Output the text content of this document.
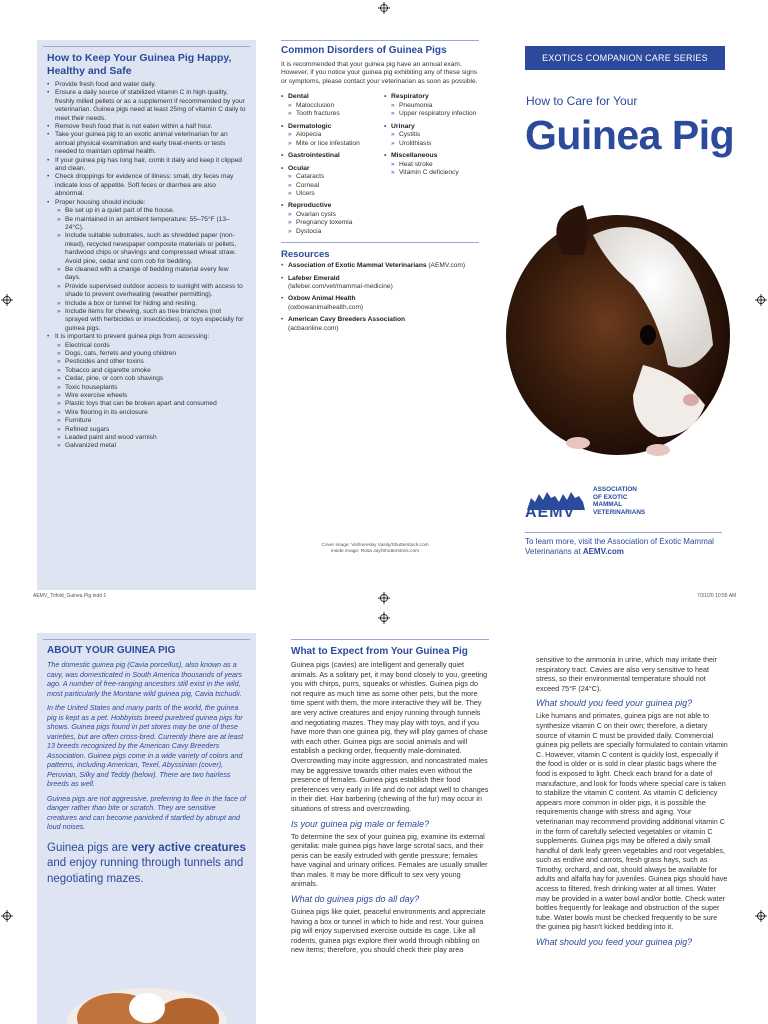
AEMV_Trifold_Guinea Pig.indd 1	7/31/20 10:55 AM
How to Keep Your Guinea Pig Happy, Healthy and Safe
• Provide fresh food and water daily.
• Ensure a daily source of stabilized vitamin C in high quality, freshly milled pellets or as a supplement if recommended by your veterinarian. Guinea pigs need at least 25mg of vitamin C daily to meet their needs.
• Remove fresh food that is not eaten within a half hour.
• Take your guinea pig to an exotic animal veterinarian for an annual physical examination and early treat-ments or tests needed to maintain optimal health.
• If your guinea pig has long hair, comb it daily and keep it clipped and clean.
• Check droppings for evidence of illness: small, dry feces may indicate loss of appetite. Soft feces or diarrhea are also abnormal.
• Proper housing should include:
» Be set up in a quiet part of the house.
» Be maintained in an ambient temperature: 55–75°F (13–24°C).
» Include suitable substrates, such as shredded paper (non-inked), recycled newspaper composite materials or pellets, hardwood chips or shavings and compressed wheat straw. Avoid pine, cedar and corn cob for bedding.
» Be cleaned with a change of bedding material every few days.
» Provide supervised outdoor access to sunlight with access to shade to prevent overheating (weather permitting).
» Include a box or tunnel for hiding and resting.
» Include items for chewing, such as tree branches (not sprayed with herbicides or insecticides), or toys especially for guinea pigs.
• It is important to prevent guinea pigs from accessing:
» Electrical cords
» Dogs, cats, ferrets and young children
» Pesticides and other toxins
» Tobacco and cigarette smoke
» Cedar, pine, or corn cob shavings
» Toxic houseplants
» Wire exercise wheels
» Plastic toys that can be broken apart and consumed
» Wire flooring in its enclosure
» Furniture
» Refined sugars
» Leaded paint and wood varnish
» Galvanized metal
Common Disorders of Guinea Pigs

It is recommended that your guinea pig have an annual exam. However, if you notice your guinea pig exhibiting any of these signs or symptoms, please contact your veterinarian as soon as possible.

• Dental
» Malocclusion
» Tooth fractures
• Dermatologic
» Alopecia
» Mite or lice infestation
• Gastrointestinal
• Ocular
» Cataracts
» Corneal
» Ulcers
• Reproductive
» Ovarian cysts
» Pregnancy toxemia
» Dystocia
• Respiratory
» Pneumonia
» Upper respiratory infection
• Urinary
» Cystitis
» Urolithiasis
• Miscellaneous
» Heat stroke
» Vitamin C deficiency
Resources
• Association of Exotic Mammal Veterinarians (AEMV.com)
• Lafeber Emerald
(lafeber.com/vet/mammal-medicine)
• Oxbow Animal Health
(oxbowanimalhealth.com)
• American Cavy Breeders Association
(acbaonline.com)
Cover image: Vishnevskiy Vasily/Shutterstock.com
Inside image: Rosa Jay/Shutterstock.com
EXOTICS COMPANION CARE SERIES
How to Care for Your
Guinea Pig
AEMV
ASSOCIATION
OF EXOTIC
MAMMAL
VETERINARIANS
To learn more, visit the Association of Exotic Mammal Veterinarians at AEMV.com
ABOUT YOUR GUINEA PIG

The domestic guinea pig (Cavia porcellus), also known as a cavy, was domesticated in South America thousands of years ago. A number of free-ranging ancestors still exist in the wild, most particularly the Montane wild guinea pig, Cavia tschudii.

In the United States and many parts of the world, the guinea pig is kept as a pet. Hobbyists breed purebred guinea pigs for shows. Guinea pigs found in pet stores may be one of these varieties, but are often cross-bred. Currently there are at least 13 breeds recognized by the American Cavy Breeders Association. Guinea pigs come in a wide variety of colors and patterns, including American, Texel, Abyssinian (cover), Peruvian, Silky and Teddy (below). There are two hairless breeds as well.

Guinea pigs are not aggressive, preferring to flee in the face of danger rather than bite or scratch. They are sensitive creatures and can become panicked if startled by abrupt and loud noises.

Guinea pigs are very active creatures and enjoy running through tunnels and negotiating mazes.

What to Expect from Your Guinea Pig

Guinea pigs (cavies) are intelligent and generally quiet animals. As a solitary pet, it may bond closely to you, greeting you with chirps, purrs, squeaks or whistles. Guinea pigs do not require as much time as some other pets, but the more time spent with them, the more interactive they will be. They are very active creatures and enjoy running through tunnels and negotiating mazes. They may play with toys, and if you have more than one guinea pig, they will play games of chase with each other. Guinea pigs are social animals and will establish a pecking order, frequently male-dominated. Overcrowding may incite aggression, and noncastrated males may be aggressive towards other males even without the presence of females. Guinea pigs establish their food preferences very early in life and do not adapt well to changes in their diet. Hair barbering (chewing of the fur) may occur in situations of stress and overcrowding.

Is your guinea pig male or female?

To determine the sex of your guinea pig, examine its external genitalia: male guinea pigs have large scrotal sacs, and their penis can be easily extruded with gentle pressure; females have vaginal and urinary orifices. Females are usually smaller than males. It may be more difficult to sex very young animals.

What do guinea pigs do all day?

Guinea pigs like quiet, peaceful environments and appreciate having a box or tunnel in which to hide and rest. Your guinea pig will enjoy supervised exercise outside its cage. Like all rodents, guinea pigs explore their world through nibbling on new items; therefore, you should check their play area

sensitive to the ammonia in urine, which may irritate their respiratory tract. Cavies are also very sensitive to heat stress, so their environmental temperature should not exceed 75°F (24°C).

What should you feed your guinea pig?

Like humans and primates, guinea pigs are not able to synthesize vitamin C on their own; therefore, a dietary source of vitamin C must be provided daily. Commercial guinea pig pellets are specially formulated to contain vitamin C. However, vitamin C content is quickly lost, especially if the food is older or is sold in clear plastic bags where the food is exposed to light. Check each brand for a date of manufacture, and look for foods where special care is taken to stabilize the vitamin C content. As vitamin C deficiency appears more common in older pigs, it is possible the requirements change with stress and aging. Your veterinarian may recommend providing additional vitamin C in the form of carefully selected vegetables or vitamin C supplements. Guinea pigs may be offered a daily small handful of dark leafy green vegetables and root vegetables, such as endive and carrots, fresh grass hays, such as Timothy, orchard, and oat, should always be available for adults and alfalfa hay for juveniles. Guinea pigs should have access to filtered, fresh drinking water at all times. Water may be provided in a water bowl and/or bottle. Check water bottles frequently for leakage and obstruction of the super tube. Water bowls must be checked frequently to be sure the guinea pig hasn't kicked bedding into it.

What should you feed your guinea pig?
